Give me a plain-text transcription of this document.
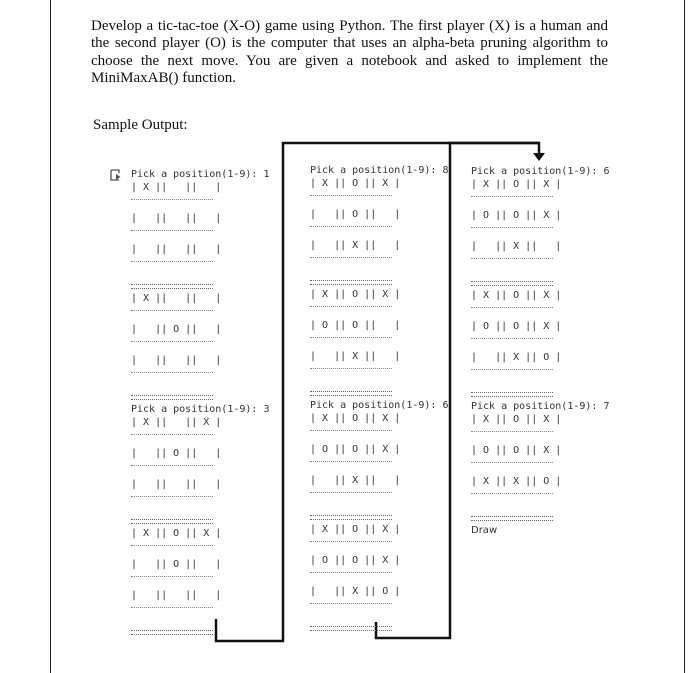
Develop a tic-tac-toe (X-O) game using Python. The first player (X) is a human and the second player (O) is the computer that uses an alpha-beta pruning algorithm to choose the next move. You are given a notebook and asked to implement the MiniMaxAB() function.

Sample Output:
Pick a position(1-9): 1
| X ||   ||   |
|   ||   ||   |
|   ||   ||   |
| X ||   ||   |
|   || O ||   |
|   ||   ||   |
Pick a position(1-9): 3
| X ||   || X |
|   || O ||   |
|   ||   ||   |
| X || O || X |
|   || O ||   |
|   ||   ||   |
Pick a position(1-9): 8
| X || O || X |
|   || O ||   |
|   || X ||   |
| X || O || X |
| O || O ||   |
|   || X ||   |
Pick a position(1-9): 6
| X || O || X |
| O || O || X |
|   || X ||   |
| X || O || X |
| O || O || X |
|   || X || O |
Pick a position(1-9): 6
| X || O || X |
| O || O || X |
|   || X ||   |
| X || O || X |
| O || O || X |
|   || X || O |
Pick a position(1-9): 7
| X || O || X |
| O || O || X |
| X || X || O |
Draw
